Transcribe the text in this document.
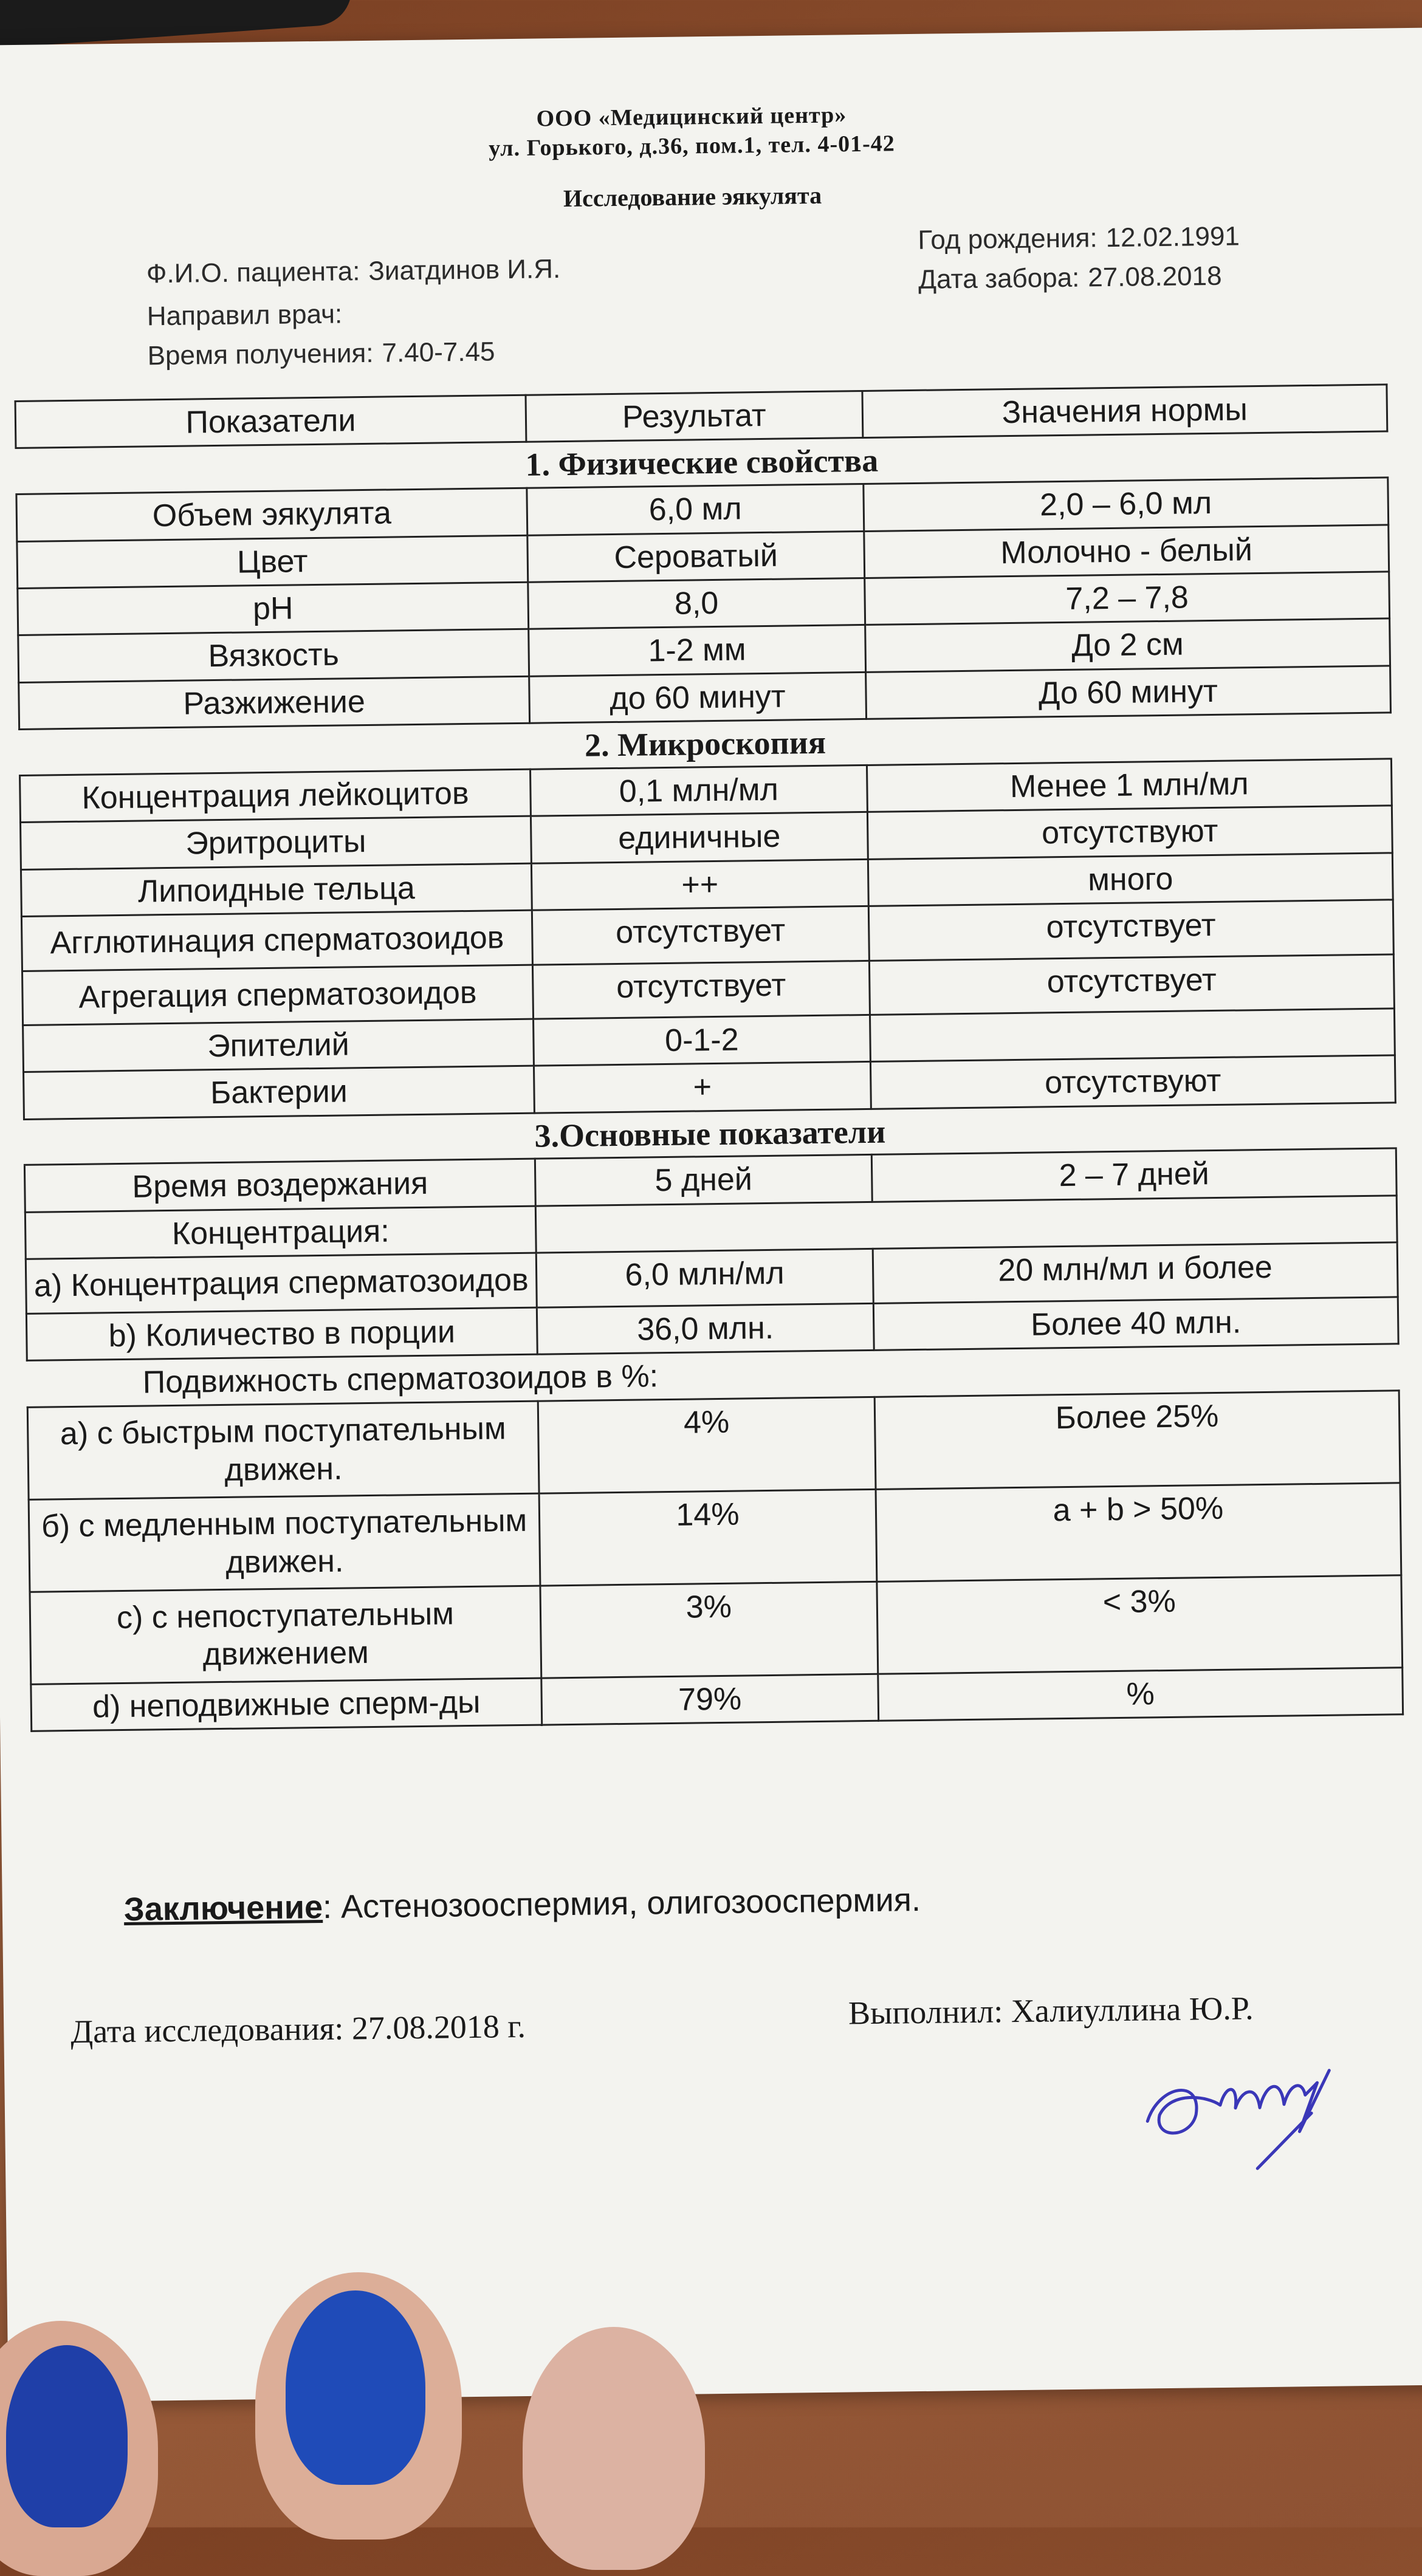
ООО «Медицинский центр»
ул. Горького, д.36, пом.1, тел. 4-01-42
Исследование эякулята
Ф.И.О. пациента: Зиатдинов И.Я.
Направил врач:
Время получения: 7.40-7.45
Год рождения: 12.02.1991
Дата забора: 27.08.2018
Показатели	Результат	Значения нормы
1. Физические свойства		
Объем эякулята	6,0 мл	2,0 – 6,0 мл
Цвет	Сероватый	Молочно - белый
pH	8,0	7,2 – 7,8
Вязкость	1-2 мм	До 2 см
Разжижение	до 60 минут	До 60 минут
2. Микроскопия		
Концентрация лейкоцитов	0,1 млн/мл	Менее 1 млн/мл
Эритроциты	единичные	отсутствуют
Липоидные тельца	++	много
Агглютинация сперматозоидов	отсутствует	отсутствует
Агрегация сперматозоидов	отсутствует	отсутствует
Эпителий	0-1-2	
Бактерии	+	отсутствуют
3.Основные показатели		
Время воздержания	5 дней	2 – 7 дней
Концентрация:		
a) Концентрация сперматозоидов	6,0 млн/мл	20 млн/мл и более
b) Количество в порции	36,0 млн.	Более 40 млн.
Подвижность сперматозоидов в %:		
а) с быстрым поступательным движен.	4%	Более 25%
б) с медленным поступательным движен.	14%	a + b > 50%
c) с непоступательным движением	3%	< 3%
d) неподвижные сперм-ды	79%	%
Заключение: Астенозооспермия, олигозооспермия.
Дата исследования: 27.08.2018 г.	Выполнил: Халиуллина Ю.Р.
